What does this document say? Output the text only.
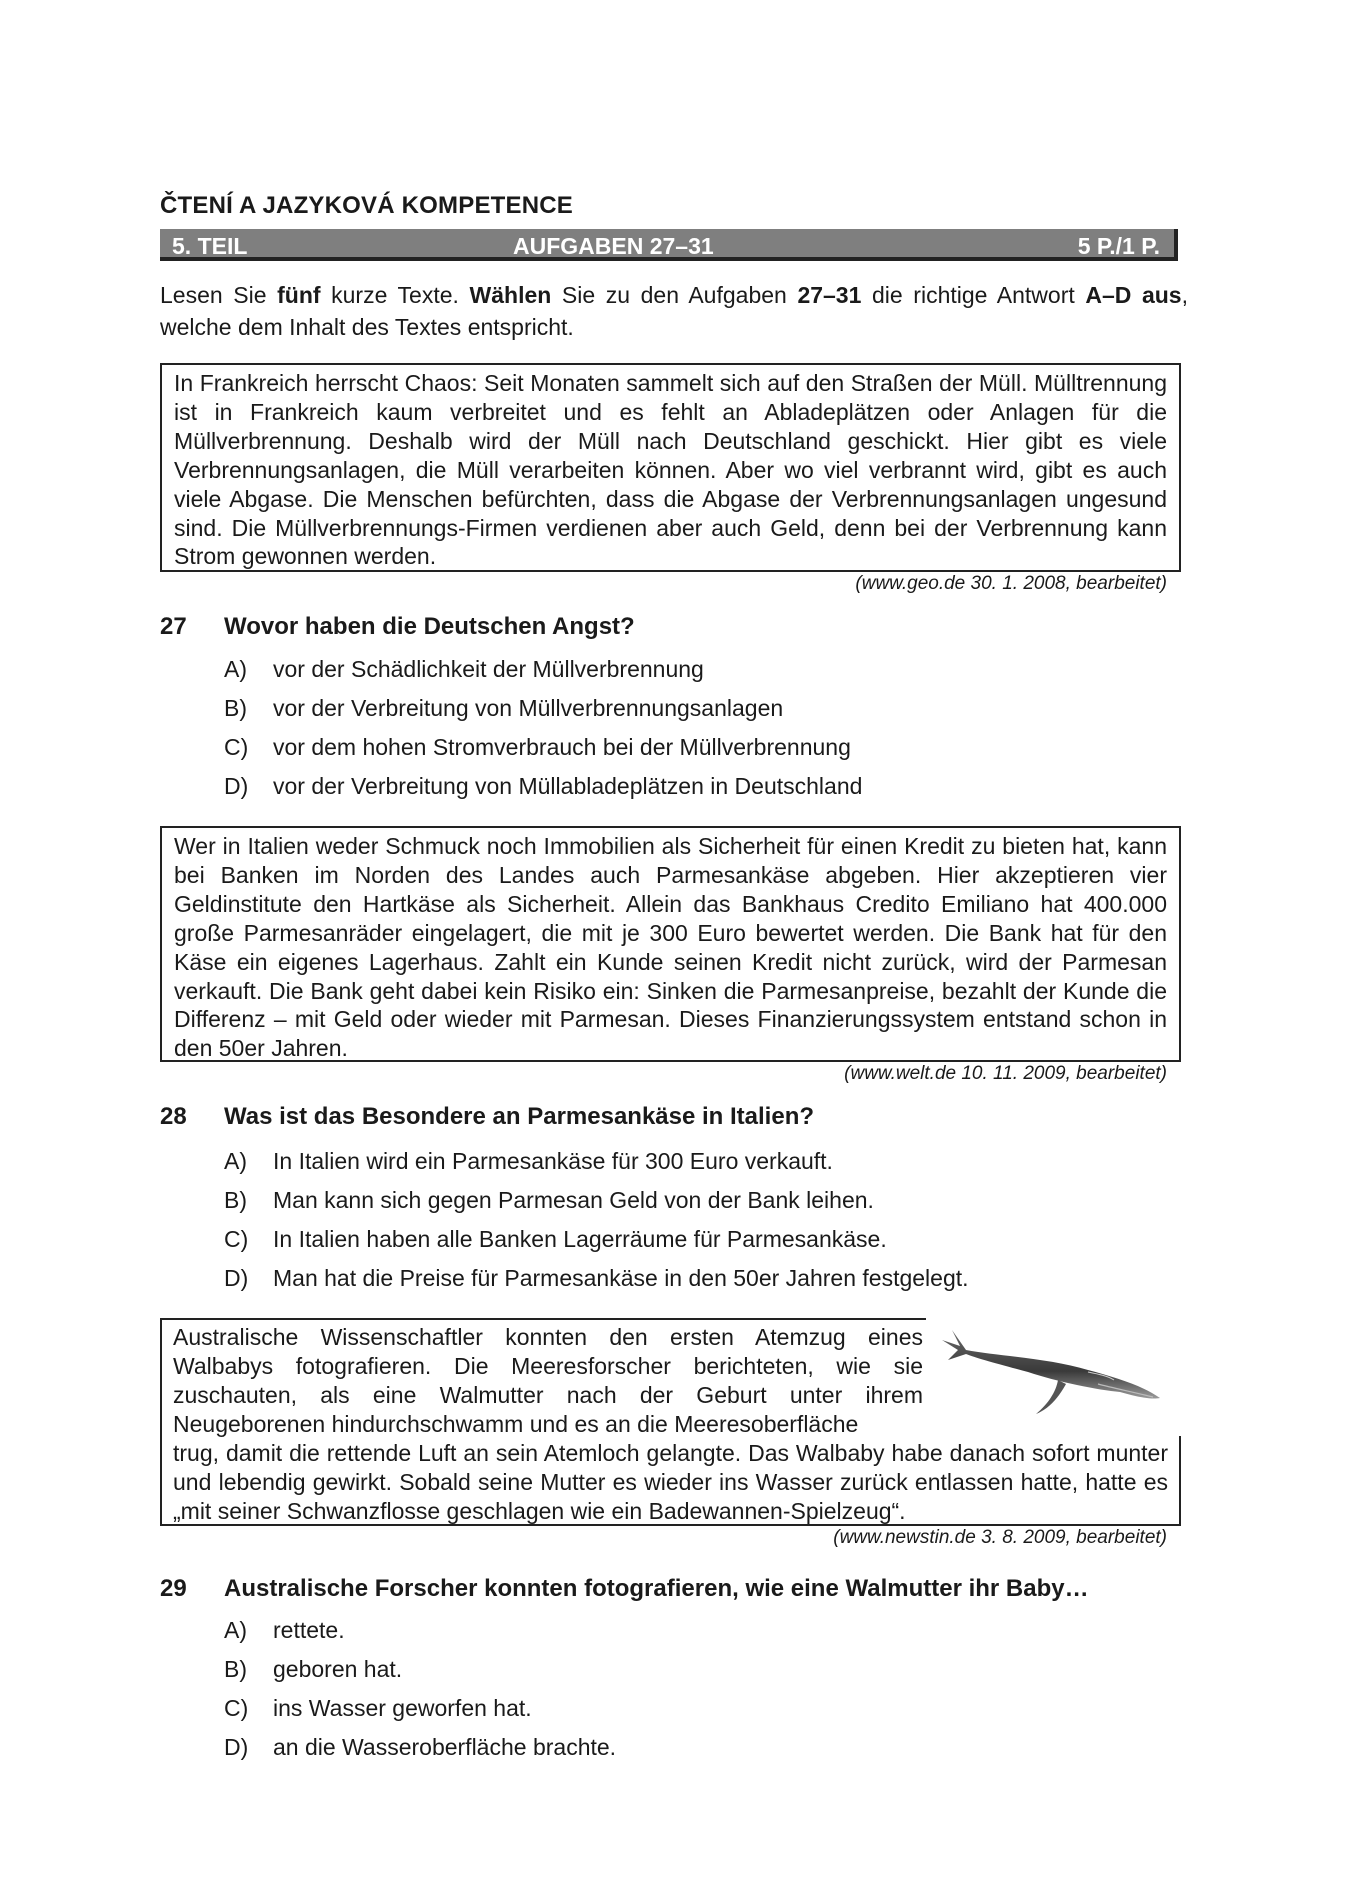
ČTENÍ A JAZYKOVÁ KOMPETENCE
5. TEIL	AUFGABEN 27–31	5 P./1 P.
Lesen Sie fünf kurze Texte. Wählen Sie zu den Aufgaben 27–31 die richtige Antwort A–D aus, welche dem Inhalt des Textes entspricht.
In Frankreich herrscht Chaos: Seit Monaten sammelt sich auf den Straßen der Müll. Mülltrennung ist in Frankreich kaum verbreitet und es fehlt an Abladeplätzen oder Anlagen für die Müllverbrennung. Deshalb wird der Müll nach Deutschland geschickt. Hier gibt es viele Verbrennungsanlagen, die Müll verarbeiten können. Aber wo viel verbrannt wird, gibt es auch viele Abgase. Die Menschen befürchten, dass die Abgase der Verbrennungsanlagen ungesund sind. Die Müllverbrennungs-Firmen verdienen aber auch Geld, denn bei der Verbrennung kann Strom gewonnen werden.
(www.geo.de 30. 1. 2008, bearbeitet)
27 Wovor haben die Deutschen Angst?
A) vor der Schädlichkeit der Müllverbrennung
B) vor der Verbreitung von Müllverbrennungsanlagen
C) vor dem hohen Stromverbrauch bei der Müllverbrennung
D) vor der Verbreitung von Müllabladeplätzen in Deutschland
Wer in Italien weder Schmuck noch Immobilien als Sicherheit für einen Kredit zu bieten hat, kann bei Banken im Norden des Landes auch Parmesankäse abgeben. Hier akzeptieren vier Geldinstitute den Hartkäse als Sicherheit. Allein das Bankhaus Credito Emiliano hat 400.000 große Parmesanräder eingelagert, die mit je 300 Euro bewertet werden. Die Bank hat für den Käse ein eigenes Lagerhaus. Zahlt ein Kunde seinen Kredit nicht zurück, wird der Parmesan verkauft. Die Bank geht dabei kein Risiko ein: Sinken die Parmesanpreise, bezahlt der Kunde die Differenz – mit Geld oder wieder mit Parmesan. Dieses Finanzierungssystem entstand schon in den 50er Jahren.
(www.welt.de 10. 11. 2009, bearbeitet)
28 Was ist das Besondere an Parmesankäse in Italien?
A) In Italien wird ein Parmesankäse für 300 Euro verkauft.
B) Man kann sich gegen Parmesan Geld von der Bank leihen.
C) In Italien haben alle Banken Lagerräume für Parmesankäse.
D) Man hat die Preise für Parmesankäse in den 50er Jahren festgelegt.
Australische Wissenschaftler konnten den ersten Atemzug eines Walbabys fotografieren. Die Meeresforscher berichteten, wie sie zuschauten, als eine Walmutter nach der Geburt unter ihrem Neugeborenen hindurchschwamm und es an die Meeresoberfläche
trug, damit die rettende Luft an sein Atemloch gelangte. Das Walbaby habe danach sofort munter und lebendig gewirkt. Sobald seine Mutter es wieder ins Wasser zurück entlassen hatte, hatte es „mit seiner Schwanzflosse geschlagen wie ein Badewannen-Spielzeug“.
(www.newstin.de 3. 8. 2009, bearbeitet)
29 Australische Forscher konnten fotografieren, wie eine Walmutter ihr Baby…
A) rettete.
B) geboren hat.
C) ins Wasser geworfen hat.
D) an die Wasseroberfläche brachte.
